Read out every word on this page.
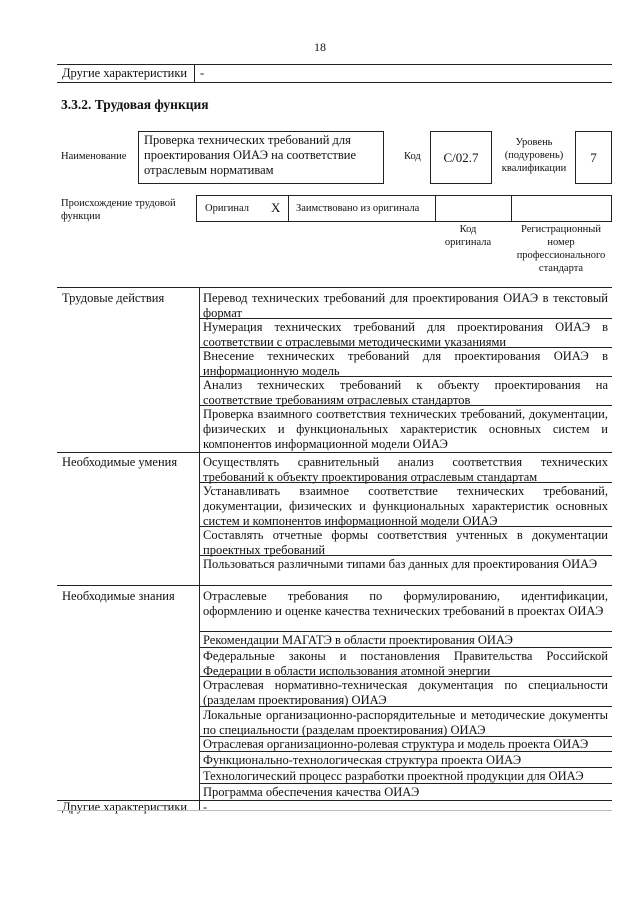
18
Другие характеристики -
3.3.2. Трудовая функция
Наименование
Проверка технических требований для проектирования ОИАЭ на соответствие отраслевым нормативам
Код	С/02.7
Уровень (подуровень) квалификации
7
Происхождение трудовой функции
Оригинал X Заимствовано из оригинала
Код оригинала
Регистрационный номер профессионального стандарта
Трудовые действия	Перевод технических требований для проектирования ОИАЭ в текстовый формат
Нумерация технических требований для проектирования ОИАЭ в соответствии с отраслевыми методическими указаниями
Внесение технических требований для проектирования ОИАЭ в информационную модель
Анализ технических требований к объекту проектирования на соответствие требованиям отраслевых стандартов
Проверка взаимного соответствия технических требований, документации, физических и функциональных характеристик основных систем и компонентов информационной модели ОИАЭ
Необходимые умения Осуществлять сравнительный анализ соответствия технических требований к объекту проектирования отраслевым стандартам
Устанавливать взаимное соответствие технических требований, документации, физических и функциональных характеристик основных систем и компонентов информационной модели ОИАЭ
Составлять отчетные формы соответствия учтенных в документации проектных требований
Пользоваться различными типами баз данных для проектирования ОИАЭ
Необходимые знания Отраслевые требования по формулированию, идентификации, оформлению и оценке качества технических требований в проектах ОИАЭ
Рекомендации МАГАТЭ в области проектирования ОИАЭ
Федеральные законы и постановления Правительства Российской Федерации в области использования атомной энергии
Отраслевая нормативно-техническая документация по специальности (разделам проектирования) ОИАЭ
Локальные организационно-распорядительные и методические документы по специальности (разделам проектирования) ОИАЭ
Отраслевая организационно-ролевая структура и модель проекта ОИАЭ
Функционально-технологическая структура проекта ОИАЭ
Технологический процесс разработки проектной продукции для ОИАЭ
Программа обеспечения качества ОИАЭ
Другие характеристики -
